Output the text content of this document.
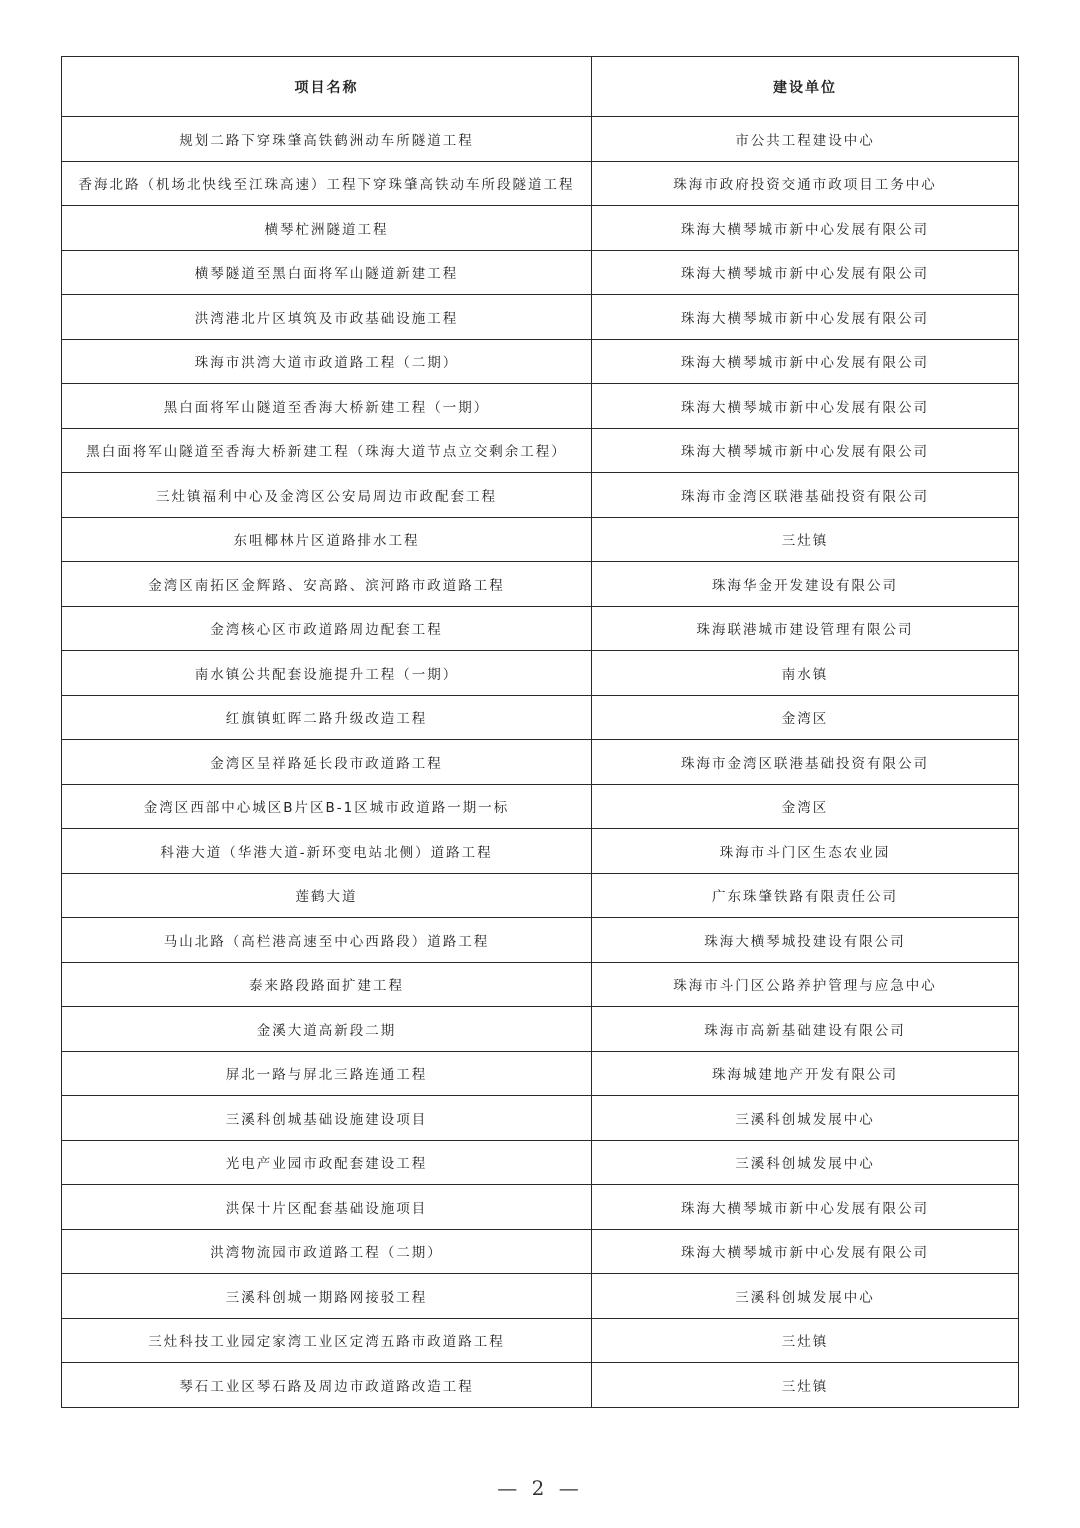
项目名称	建设单位
规划二路下穿珠肇高铁鹤洲动车所隧道工程	市公共工程建设中心
香海北路（机场北快线至江珠高速）工程下穿珠肇高铁动车所段隧道工程	珠海市政府投资交通市政项目工务中心
横琴杧洲隧道工程	珠海大横琴城市新中心发展有限公司
横琴隧道至黑白面将军山隧道新建工程	珠海大横琴城市新中心发展有限公司
洪湾港北片区填筑及市政基础设施工程	珠海大横琴城市新中心发展有限公司
珠海市洪湾大道市政道路工程（二期）	珠海大横琴城市新中心发展有限公司
黑白面将军山隧道至香海大桥新建工程（一期）	珠海大横琴城市新中心发展有限公司
黑白面将军山隧道至香海大桥新建工程（珠海大道节点立交剩余工程）	珠海大横琴城市新中心发展有限公司
三灶镇福利中心及金湾区公安局周边市政配套工程	珠海市金湾区联港基础投资有限公司
东咀椰林片区道路排水工程	三灶镇
金湾区南拓区金辉路、安高路、滨河路市政道路工程	珠海华金开发建设有限公司
金湾核心区市政道路周边配套工程	珠海联港城市建设管理有限公司
南水镇公共配套设施提升工程（一期）	南水镇
红旗镇虹晖二路升级改造工程	金湾区
金湾区呈祥路延长段市政道路工程	珠海市金湾区联港基础投资有限公司
金湾区西部中心城区B片区B-1区城市政道路一期一标	金湾区
科港大道（华港大道-新环变电站北侧）道路工程	珠海市斗门区生态农业园
莲鹤大道	广东珠肇铁路有限责任公司
马山北路（高栏港高速至中心西路段）道路工程	珠海大横琴城投建设有限公司
泰来路段路面扩建工程	珠海市斗门区公路养护管理与应急中心
金溪大道高新段二期	珠海市高新基础建设有限公司
屏北一路与屏北三路连通工程	珠海城建地产开发有限公司
三溪科创城基础设施建设项目	三溪科创城发展中心
光电产业园市政配套建设工程	三溪科创城发展中心
洪保十片区配套基础设施项目	珠海大横琴城市新中心发展有限公司
洪湾物流园市政道路工程（二期）	珠海大横琴城市新中心发展有限公司
三溪科创城一期路网接驳工程	三溪科创城发展中心
三灶科技工业园定家湾工业区定湾五路市政道路工程	三灶镇
琴石工业区琴石路及周边市政道路改造工程	三灶镇
— 2 —
